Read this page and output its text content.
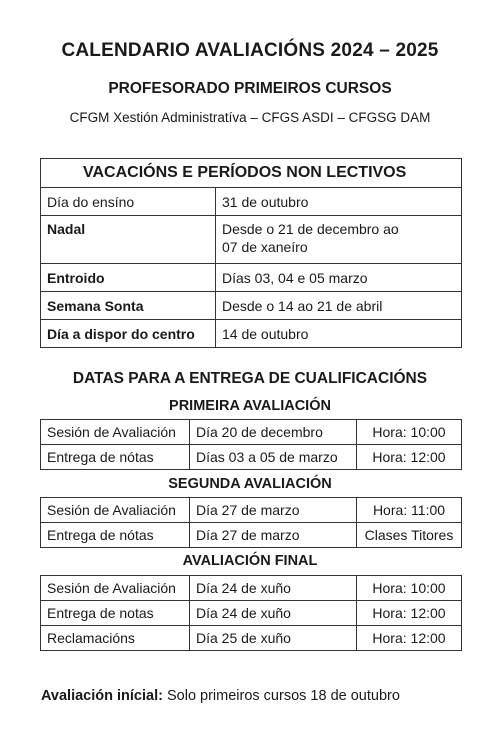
CALENDARIO AVALIACIÓNS 2024 – 2025
PROFESORADO PRIMEIROS CURSOS
CFGM Xestión Administratíva – CFGS ASDI – CFGSG DAM
VACACIÓNS E PERÍODOS NON LECTIVOS	
Día do ensíno	31 de outubro
Nadal	Desde o 21 de decembro ao
07 de xaneíro

Entroido	Días 03, 04 e 05 marzo
Semana Sonta	Desde o 14 ao 21 de abril
Día a dispor do centro	14 de outubro
DATAS PARA A ENTREGA DE CUALIFICACIÓNS
PRIMEIRA AVALIACIÓN
Sesión de Avaliación	Día 20 de decembro	Hora: 10:00
Entrega de nótas	Días 03 a 05 de marzo	Hora: 12:00
SEGUNDA AVALIACIÓN
Sesión de Avaliación	Día 27 de marzo	Hora: 11:00
Entrega de nótas	Día 27 de marzo	Clases Titores
AVALIACIÓN FINAL
Sesión de Avaliación	Día 24 de xuño	Hora: 10:00
Entrega de notas	Día 24 de xuño	Hora: 12:00
Reclamacións	Día 25 de xuño	Hora: 12:00
Avaliación inícial: Solo primeiros cursos 18 de outubro
